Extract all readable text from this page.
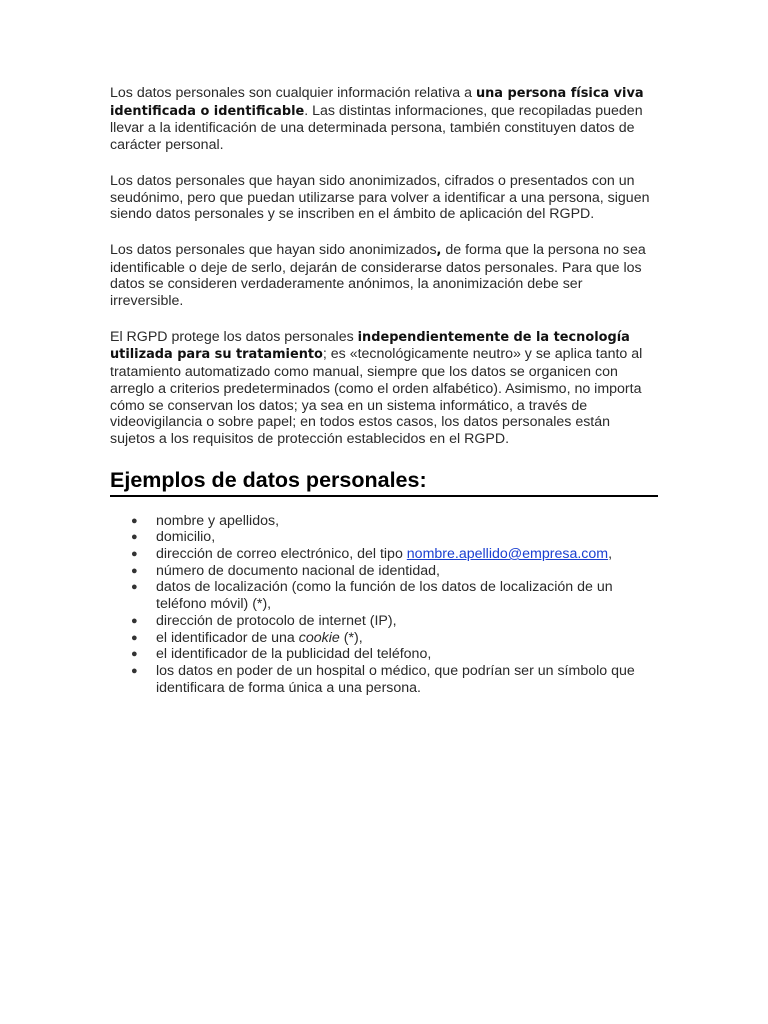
Los datos personales son cualquier información relativa a una persona física viva identificada o identificable. Las distintas informaciones, que recopiladas pueden llevar a la identificación de una determinada persona, también constituyen datos de carácter personal.

Los datos personales que hayan sido anonimizados, cifrados o presentados con un seudónimo, pero que puedan utilizarse para volver a identificar a una persona, siguen siendo datos personales y se inscriben en el ámbito de aplicación del RGPD.

Los datos personales que hayan sido anonimizados, de forma que la persona no sea identificable o deje de serlo, dejarán de considerarse datos personales. Para que los datos se consideren verdaderamente anónimos, la anonimización debe ser irreversible.

El RGPD protege los datos personales independientemente de la tecnología utilizada para su tratamiento; es «tecnológicamente neutro» y se aplica tanto al tratamiento automatizado como manual, siempre que los datos se organicen con arreglo a criterios predeterminados (como el orden alfabético). Asimismo, no importa cómo se conservan los datos; ya sea en un sistema informático, a través de videovigilancia o sobre papel; en todos estos casos, los datos personales están sujetos a los requisitos de protección establecidos en el RGPD.

Ejemplos de datos personales:
● nombre y apellidos,
● domicilio,
● dirección de correo electrónico, del tipo nombre.apellido@empresa.com,
● número de documento nacional de identidad,
● datos de localización (como la función de los datos de localización de un teléfono móvil) (*),
● dirección de protocolo de internet (IP),
● el identificador de una cookie (*),
● el identificador de la publicidad del teléfono,
● los datos en poder de un hospital o médico, que podrían ser un símbolo que identificara de forma única a una persona.
